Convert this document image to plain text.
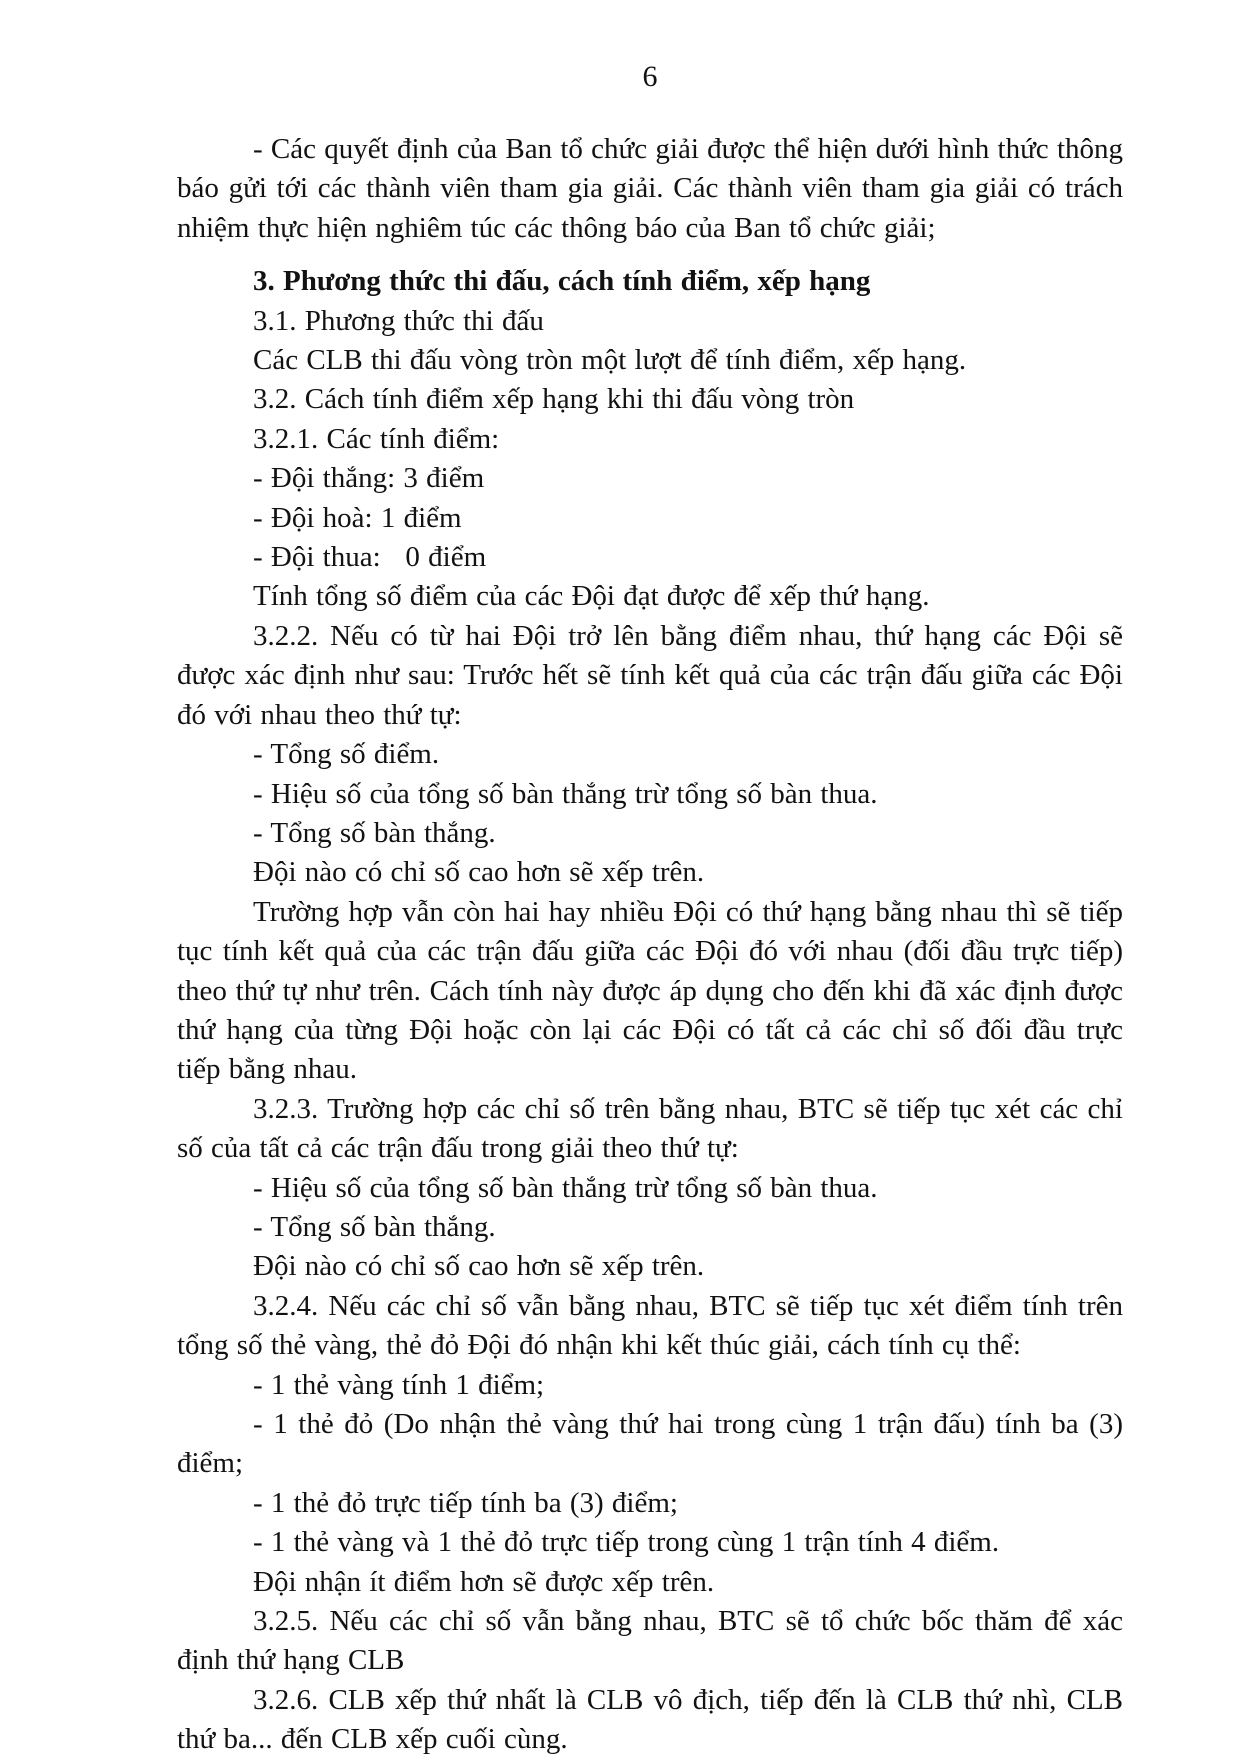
6

- Các quyết định của Ban tổ chức giải được thể hiện dưới hình thức thông báo gửi tới các thành viên tham gia giải. Các thành viên tham gia giải có trách nhiệm thực hiện nghiêm túc các thông báo của Ban tổ chức giải;

3. Phương thức thi đấu, cách tính điểm, xếp hạng

3.1. Phương thức thi đấu

Các CLB thi đấu vòng tròn một lượt để tính điểm, xếp hạng.

3.2. Cách tính điểm xếp hạng khi thi đấu vòng tròn

3.2.1. Các tính điểm:

- Đội thắng: 3 điểm

- Đội hoà: 1 điểm

- Đội thua:   0 điểm

Tính tổng số điểm của các Đội đạt được để xếp thứ hạng.

3.2.2. Nếu có từ hai Đội trở lên bằng điểm nhau, thứ hạng các Đội sẽ được xác định như sau: Trước hết sẽ tính kết quả của các trận đấu giữa các Đội đó với nhau theo thứ tự:

- Tổng số điểm.

- Hiệu số của tổng số bàn thắng trừ tổng số bàn thua.

- Tổng số bàn thắng.

Đội nào có chỉ số cao hơn sẽ xếp trên.

Trường hợp vẫn còn hai hay nhiều Đội có thứ hạng bằng nhau thì sẽ tiếp tục tính kết quả của các trận đấu giữa các Đội đó với nhau (đối đầu trực tiếp) theo thứ tự như trên. Cách tính này được áp dụng cho đến khi đã xác định được thứ hạng của từng Đội hoặc còn lại các Đội có tất cả các chỉ số đối đầu trực tiếp bằng nhau.

3.2.3. Trường hợp các chỉ số trên bằng nhau, BTC sẽ tiếp tục xét các chỉ số của tất cả các trận đấu trong giải theo thứ tự:

- Hiệu số của tổng số bàn thắng trừ tổng số bàn thua.

- Tổng số bàn thắng.

Đội nào có chỉ số cao hơn sẽ xếp trên.

3.2.4. Nếu các chỉ số vẫn bằng nhau, BTC sẽ tiếp tục xét điểm tính trên tổng số thẻ vàng, thẻ đỏ Đội đó nhận khi kết thúc giải, cách tính cụ thể:

- 1 thẻ vàng tính 1 điểm;

- 1 thẻ đỏ (Do nhận thẻ vàng thứ hai trong cùng 1 trận đấu) tính ba (3) điểm;

- 1 thẻ đỏ trực tiếp tính ba (3) điểm;

- 1 thẻ vàng và 1 thẻ đỏ trực tiếp trong cùng 1 trận tính 4 điểm.

Đội nhận ít điểm hơn sẽ được xếp trên.

3.2.5. Nếu các chỉ số vẫn bằng nhau, BTC sẽ tổ chức bốc thăm để xác định thứ hạng CLB

3.2.6. CLB xếp thứ nhất là CLB vô địch, tiếp đến là CLB thứ nhì, CLB thứ ba... đến CLB xếp cuối cùng.
